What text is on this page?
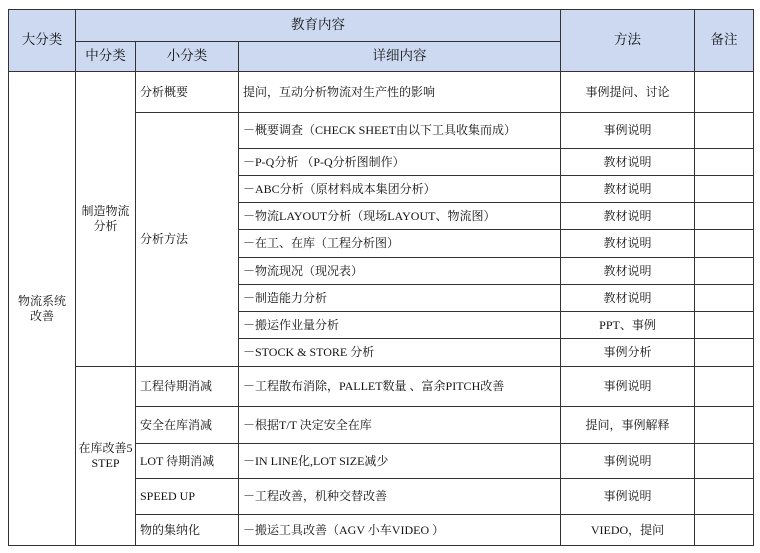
大分类	教育内容			方法	备注
	中分类	小分类	详细内容		
物流系统改善	制造物流分析	分析概要	提问，互动分析物流对生产性的影响	事例提问、讨论	
		分析方法	－概要调查（CHECK SHEET由以下工具收集而成）	事例说明	
			－P-Q分析 （P-Q分析图制作）	教材说明	
			－ABC分析（原材料成本集团分析）	教材说明	
			－物流LAYOUT分析（现场LAYOUT、物流图）	教材说明	
			－在工、在库（工程分析图）	教材说明	
			－物流现况（现况表）	教材说明	
			－制造能力分析	教材说明	
			－搬运作业量分析	PPT、事例	
			－STOCK & STORE 分析	事例分析	
	在库改善5 STEP	工程待期消减	－工程散布消除，PALLET数量 、富余PITCH改善	事例说明	
		安全在库消减	－根据T/T 决定安全在库	提问，事例解释	
		LOT 待期消减	－IN LINE化,LOT SIZE减少	事例说明	
		SPEED UP	－工程改善，机种交替改善	事例说明	
		物的集纳化	－搬运工具改善（AGV 小车VIDEO ）	VIEDO，提问	
